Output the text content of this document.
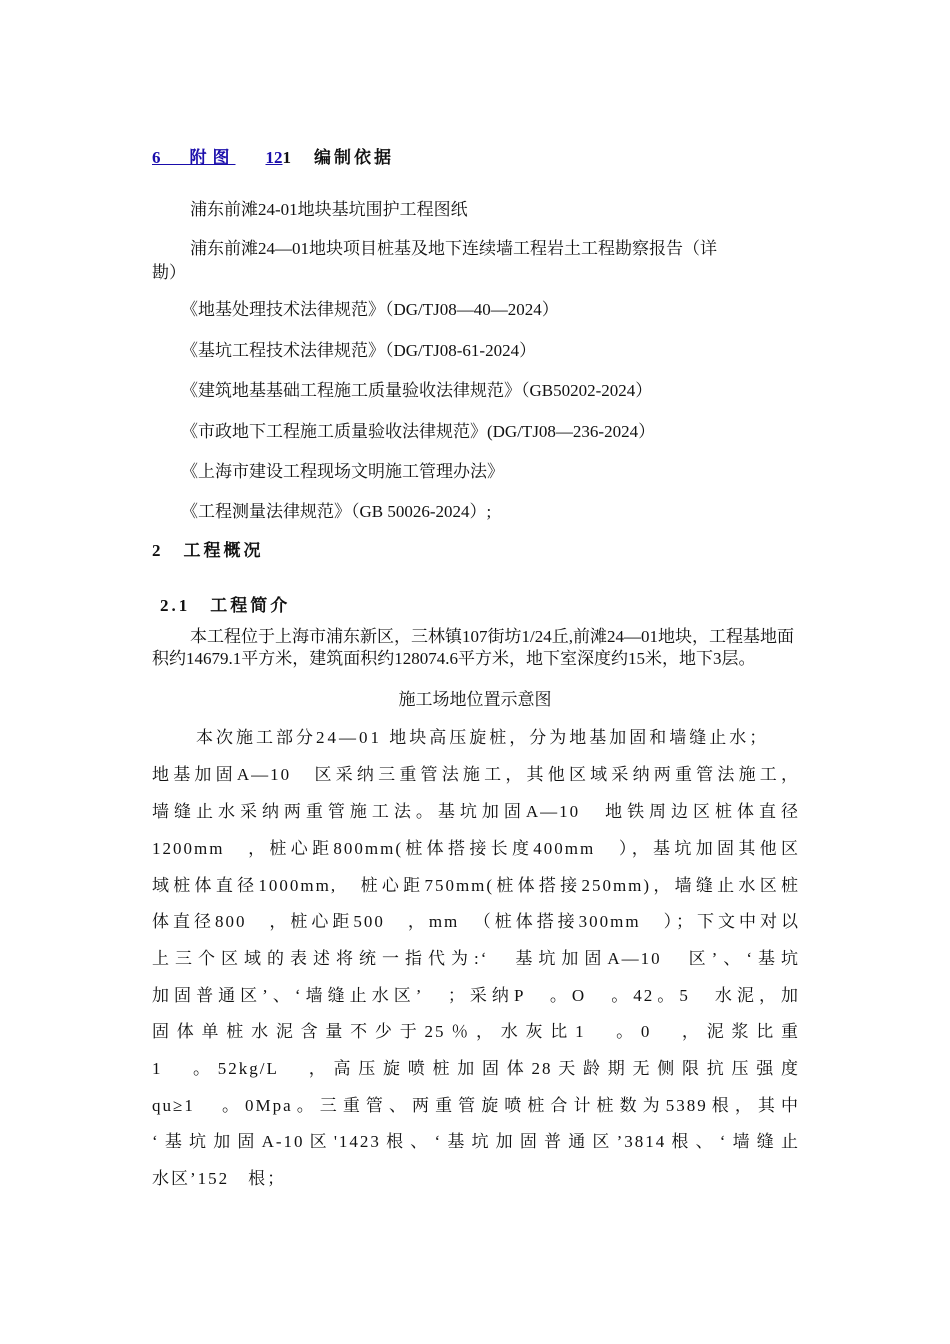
6　附图 121　 编制依据
浦东前滩24-01地块基坑围护工程图纸
浦东前滩24—01地块项目桩基及地下连续墙工程岩土工程勘察报告（详
勘）
《地基处理技术法律规范》（DG/TJ08—40—2024）
《基坑工程技术法律规范》（DG/TJ08-61-2024）
《建筑地基基础工程施工质量验收法律规范》（GB50202-2024）
《市政地下工程施工质量验收法律规范》(DG/TJ08—236-2024）
《上海市建设工程现场文明施工管理办法》
《工程测量法律规范》（GB 50026-2024）;
2　 工程概况
2.1　 工程简介
本工程位于上海市浦东新区，三林镇107街坊1/24丘,前滩24—01地块，工程基地面积约14679.1平方米，建筑面积约128074.6平方米，地下室深度约15米，地下3层。
施工场地位置示意图
本次施工部分24—01 地块高压旋桩，分为地基加固和墙缝止水；
地基加固A—10　区采纳三重管法施工，其他区域采纳两重管法施工，
墙缝止水采纳两重管施工法。基坑加固A—10　地铁周边区桩体直径
1200mm　，桩心距800mm(桩体搭接长度400mm　），基坑加固其他区
域桩体直径1000mm,　桩心距750mm(桩体搭接250mm)，墙缝止水区桩
体直径800　，桩心距500　，mm　（桩体搭接300mm　）；下文中对以
上三个区域的表述将统一指代为:‘　基坑加固A—10　区’、‘基坑
加固普通区’、‘墙缝止水区’　；采纳P　。O　。42。5　水泥，加
固体单桩水泥含量不少于25％，水灰比1　。0　，泥浆比重
1　。52kg/L　，高压旋喷桩加固体28天龄期无侧限抗压强度
qu≥1　。0Mpa。三重管、两重管旋喷桩合计桩数为5389根，其中
‘基坑加固A-10区'1423根、‘基坑加固普通区’3814根、‘墙缝止
水区’152　根；
